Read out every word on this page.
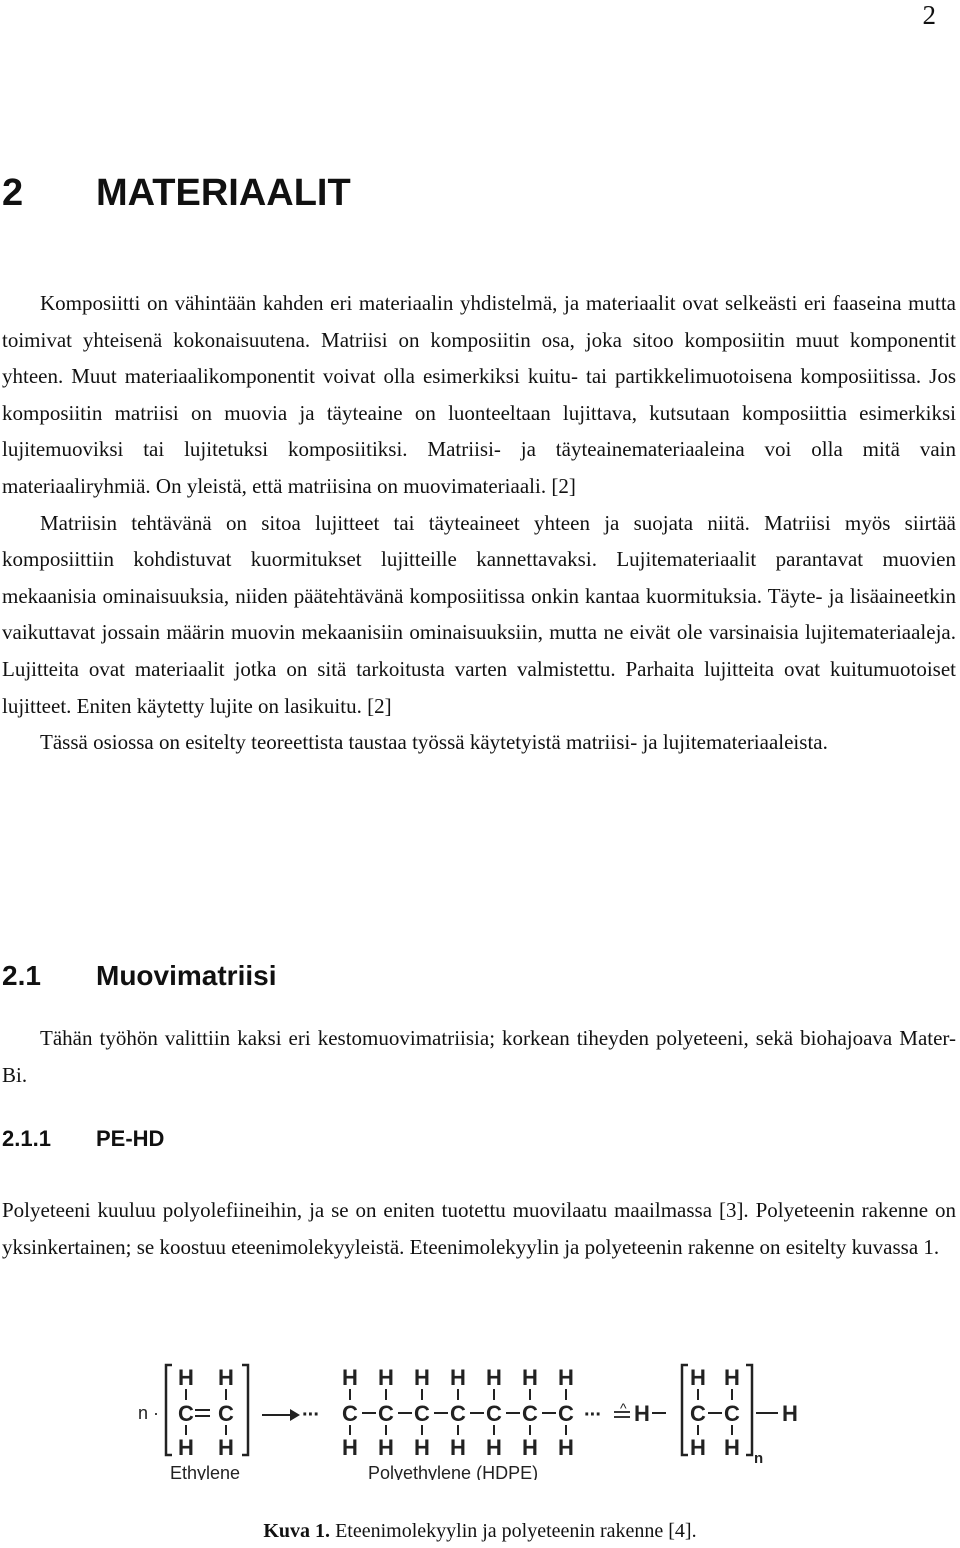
2
2 MATERIAALIT

Komposiitti on vähintään kahden eri materiaalin yhdistelmä, ja materiaalit ovat selkeästi eri faaseina mutta toimivat yhteisenä kokonaisuutena. Matriisi on komposiitin osa, joka sitoo komposiitin muut komponentit yhteen. Muut materiaalikomponentit voivat olla esimerkiksi kuitu- tai partikkelimuotoisena komposiitissa. Jos komposiitin matriisi on muovia ja täyteaine on luonteeltaan lujittava, kutsutaan komposiittia esimerkiksi lujitemuoviksi tai lujitetuksi komposiitiksi. Matriisi- ja täyteainemateriaaleina voi olla mitä vain materiaaliryhmiä. On yleistä, että matriisina on muovimateriaali. [2]

Matriisin tehtävänä on sitoa lujitteet tai täyteaineet yhteen ja suojata niitä. Matriisi myös siirtää komposiittiin kohdistuvat kuormitukset lujitteille kannettavaksi. Lujitemateriaalit parantavat muovien mekaanisia ominaisuuksia, niiden päätehtävänä komposiitissa onkin kantaa kuormituksia. Täyte- ja lisäaineetkin vaikuttavat jossain määrin muovin mekaanisiin ominaisuuksiin, mutta ne eivät ole varsinaisia lujitemateriaaleja. Lujitteita ovat materiaalit jotka on sitä tarkoitusta varten valmistettu. Parhaita lujitteita ovat kuitumuotoiset lujitteet. Eniten käytetty lujite on lasikuitu. [2]

Tässä osiossa on esitelty teoreettista taustaa työssä käytetyistä matriisi- ja lujitemateriaaleista.

2.1 Muovimatriisi

Tähän työhön valittiin kaksi eri kestomuovimatriisia; korkean tiheyden polyeteeni, sekä biohajoava Mater-Bi.

2.1.1 PE-HD

Polyeteeni kuuluu polyolefiineihin, ja se on eniten tuotettu muovilaatu maailmassa [3]. Polyeteenin rakenne on yksinkertainen; se koostuu eteenimolekyyleistä. Eteenimolekyylin ja polyeteenin rakenne on esitelty kuvassa 1.

n ·
H H
C C
H H
···
H
C
H
H
C
H
H
C
H
H
C
H
H
C
H
H
C
H
H
C
H
··· ^ H
H H
C C
H H
H
n
Ethylene	Polyethylene (HDPE)
Kuva 1. Eteenimolekyylin ja polyeteenin rakenne [4].
